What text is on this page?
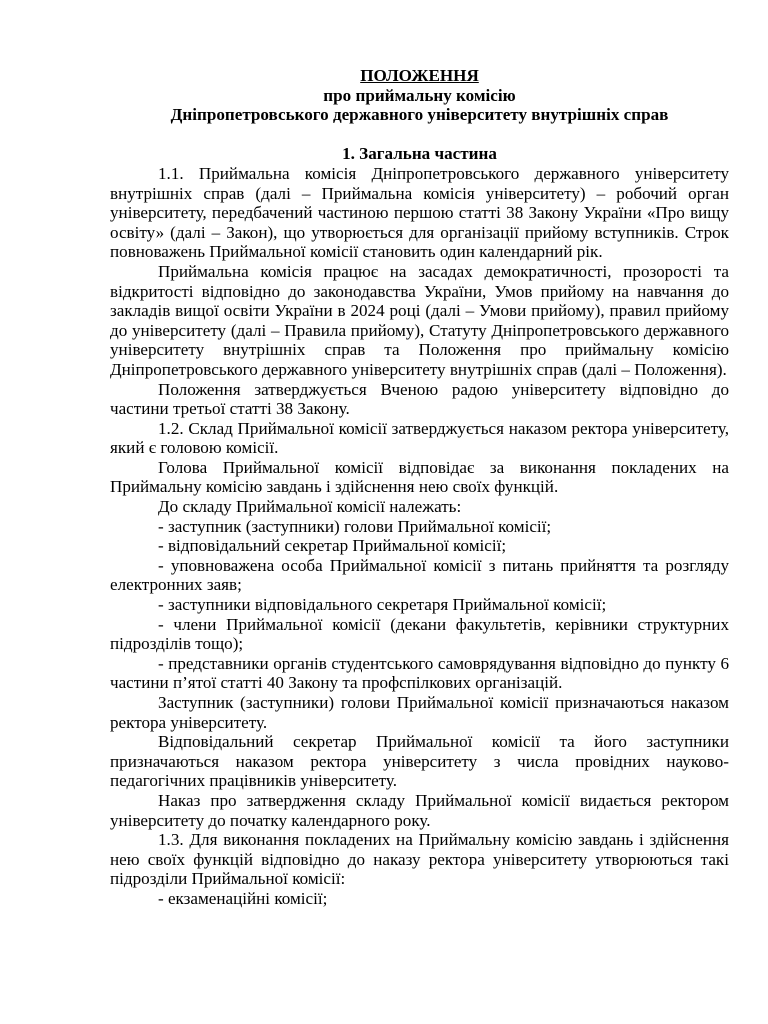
ПОЛОЖЕННЯ
про приймальну комісію
Дніпропетровського державного університету внутрішніх справ
1. Загальна частина

1.1. Приймальна комісія Дніпропетровського державного університету внутрішніх справ (далі – Приймальна комісія університету) – робочий орган університету, передбачений частиною першою статті 38 Закону України «Про вищу освіту» (далі – Закон), що утворюється для організації прийому вступників. Строк повноважень Приймальної комісії становить один календарний рік.

Приймальна комісія працює на засадах демократичності, прозорості та відкритості відповідно до законодавства України, Умов прийому на навчання до закладів вищої освіти України в 2024 році (далі – Умови прийому), правил прийому до університету (далі – Правила прийому), Статуту Дніпропетровського державного університету внутрішніх справ та Положення про приймальну комісію Дніпропетровського державного університету внутрішніх справ (далі – Положення).

Положення затверджується Вченою радою університету відповідно до частини третьої статті 38 Закону.

1.2. Склад Приймальної комісії затверджується наказом ректора університету, який є головою комісії.

Голова Приймальної комісії відповідає за виконання покладених на Приймальну комісію завдань і здійснення нею своїх функцій.

До складу Приймальної комісії належать:

- заступник (заступники) голови Приймальної комісії;

- відповідальний секретар Приймальної комісії;

- уповноважена особа Приймальної комісії з питань прийняття та розгляду електронних заяв;

- заступники відповідального секретаря Приймальної комісії;

- члени Приймальної комісії (декани факультетів, керівники структурних підрозділів тощо);

- представники органів студентського самоврядування відповідно до пункту 6 частини п’ятої статті 40 Закону та профспілкових організацій.

Заступник (заступники) голови Приймальної комісії призначаються наказом ректора університету.

Відповідальний секретар Приймальної комісії та його заступники призначаються наказом ректора університету з числа провідних науково-педагогічних працівників університету.

Наказ про затвердження складу Приймальної комісії видається ректором університету до початку календарного року.

1.3. Для виконання покладених на Приймальну комісію завдань і здійснення нею своїх функцій відповідно до наказу ректора університету утворюються такі підрозділи Приймальної комісії:

- екзаменаційні комісії;
